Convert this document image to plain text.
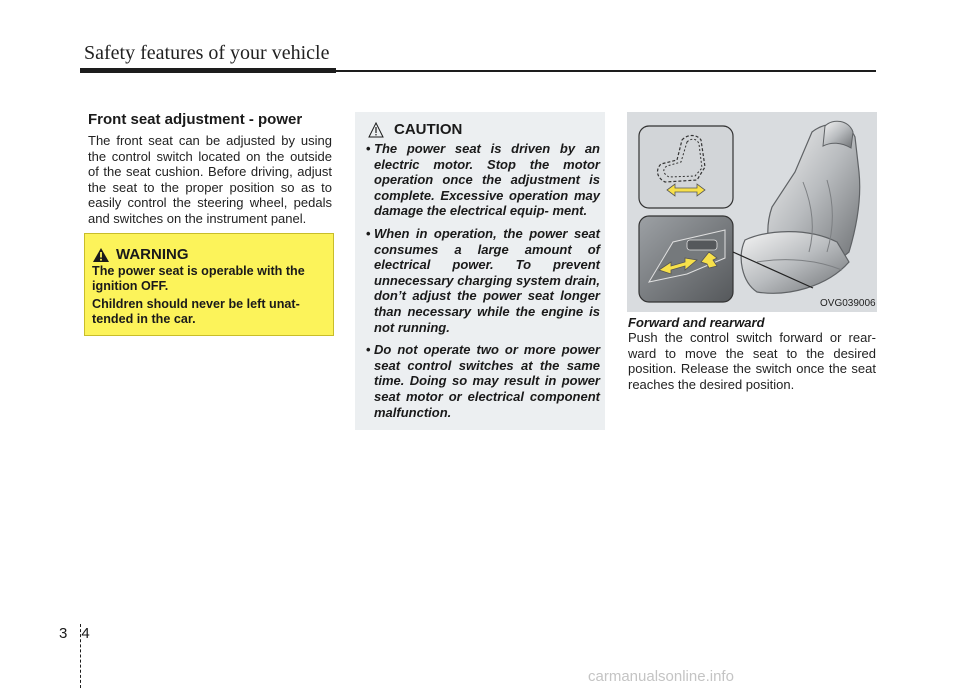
Safety features of your vehicle
Front seat adjustment - power
The front seat can be adjusted by using the control switch located on the outside of the seat cushion. Before driving, adjust the seat to the proper position so as to easily control the steering wheel, pedals and switches on the instrument panel.
WARNING

The power seat is operable with the ignition OFF.

Children should never be left unat- tended in the car.

CAUTION
• The power seat is driven by an electric motor. Stop the motor operation once the adjustment is complete. Excessive operation may damage the electrical equip- ment.
• When in operation, the power seat consumes a large amount of electrical power. To prevent unnecessary charging system drain, don’t adjust the power seat longer than necessary while the engine is not running.
• Do not operate two or more power seat control switches at the same time. Doing so may result in power seat motor or electrical component malfunction.
OVG039006
Forward and rearward
Push the control switch forward or rear- ward to move the seat to the desired position. Release the switch once the seat reaches the desired position.
34
carmanualsonline.info
